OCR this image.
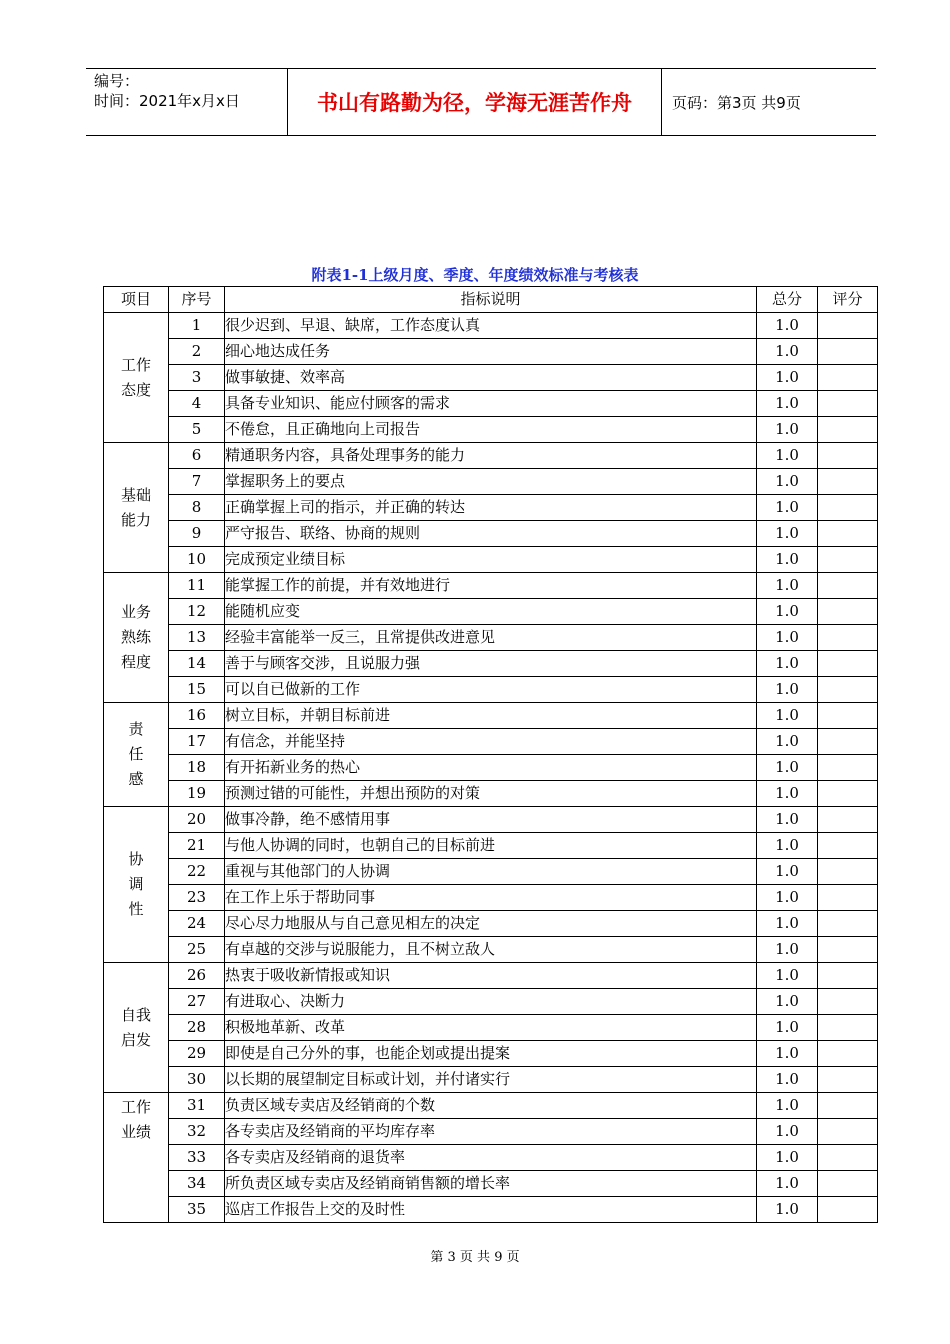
编号：
时间：2021年x月x日	书山有路勤为径，学海无涯苦作舟	页码：第3页 共9页
附表1-1上级月度、季度、年度绩效标准与考核表
项目	序号	指标说明	总分	评分
工作
态度	1	很少迟到、早退、缺席，工作态度认真	1.0	
	2	细心地达成任务	1.0	
	3	做事敏捷、效率高	1.0	
	4	具备专业知识、能应付顾客的需求	1.0	
	5	不倦怠，且正确地向上司报告	1.0	
基础
能力	6	精通职务内容，具备处理事务的能力	1.0	
	7	掌握职务上的要点	1.0	
	8	正确掌握上司的指示，并正确的转达	1.0	
	9	严守报告、联络、协商的规则	1.0	
	10	完成预定业绩目标	1.0	
业务
熟练
程度	11	能掌握工作的前提，并有效地进行	1.0	
	12	能随机应变	1.0	
	13	经验丰富能举一反三，且常提供改进意见	1.0	
	14	善于与顾客交涉，且说服力强	1.0	
	15	可以自已做新的工作	1.0	
责
任
感	16	树立目标，并朝目标前进	1.0	
	17	有信念，并能坚持	1.0	
	18	有开拓新业务的热心	1.0	
	19	预测过错的可能性，并想出预防的对策	1.0	
协
调
性	20	做事冷静，绝不感情用事	1.0	
	21	与他人协调的同时，也朝自己的目标前进	1.0	
	22	重视与其他部门的人协调	1.0	
	23	在工作上乐于帮助同事	1.0	
	24	尽心尽力地服从与自己意见相左的决定	1.0	
	25	有卓越的交涉与说服能力，且不树立敌人	1.0	
自我
启发	26	热衷于吸收新情报或知识	1.0	
	27	有进取心、决断力	1.0	
	28	积极地革新、改革	1.0	
	29	即使是自己分外的事，也能企划或提出提案	1.0	
	30	以长期的展望制定目标或计划，并付诸实行	1.0	
工作
业绩	31	负责区域专卖店及经销商的个数	1.0	
	32	各专卖店及经销商的平均库存率	1.0	
	33	各专卖店及经销商的退货率	1.0	
	34	所负责区域专卖店及经销商销售额的增长率	1.0	
	35	巡店工作报告上交的及时性	1.0	
第 3 页 共 9 页
